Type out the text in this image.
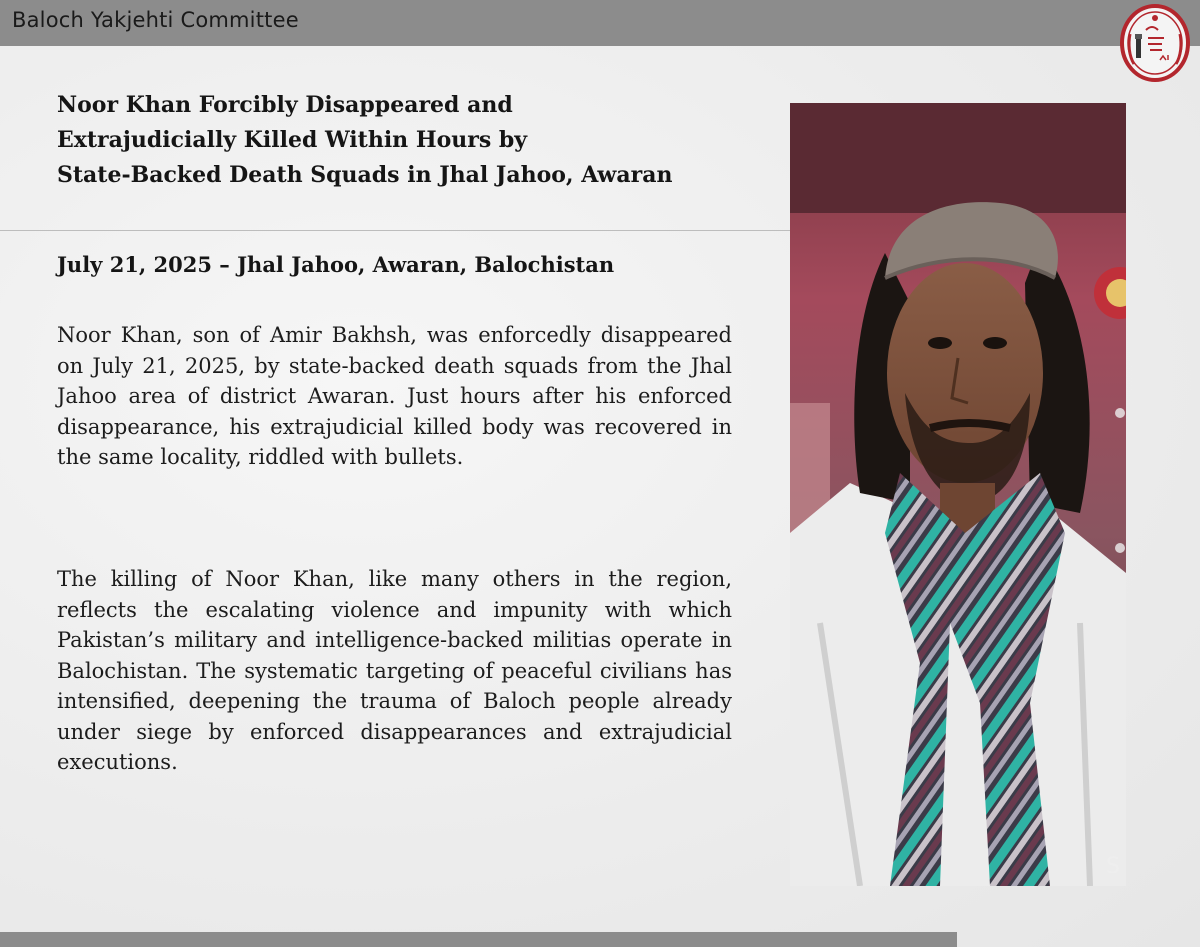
Baloch Yakjehti Committee
Noor Khan Forcibly Disappeared and
Extrajudicially Killed Within Hours by
State-Backed Death Squads in Jhal Jahoo, Awaran

July 21, 2025 – Jhal Jahoo, Awaran, Balochistan

Noor Khan, son of Amir Bakhsh, was enforcedly disappeared on July 21, 2025, by state-backed death squads from the Jhal Jahoo area of district Awaran. Just hours after his enforced disappearance, his extrajudicial killed body was recovered in the same locality, riddled with bullets.

The killing of Noor Khan, like many others in the region, reflects the escalating violence and impunity with which Pakistan’s military and intelligence-backed militias operate in Balochistan. The systematic targeting of peaceful civilians has intensified, deepening the trauma of Baloch people already under siege by enforced disappearances and extrajudicial executions.

S
